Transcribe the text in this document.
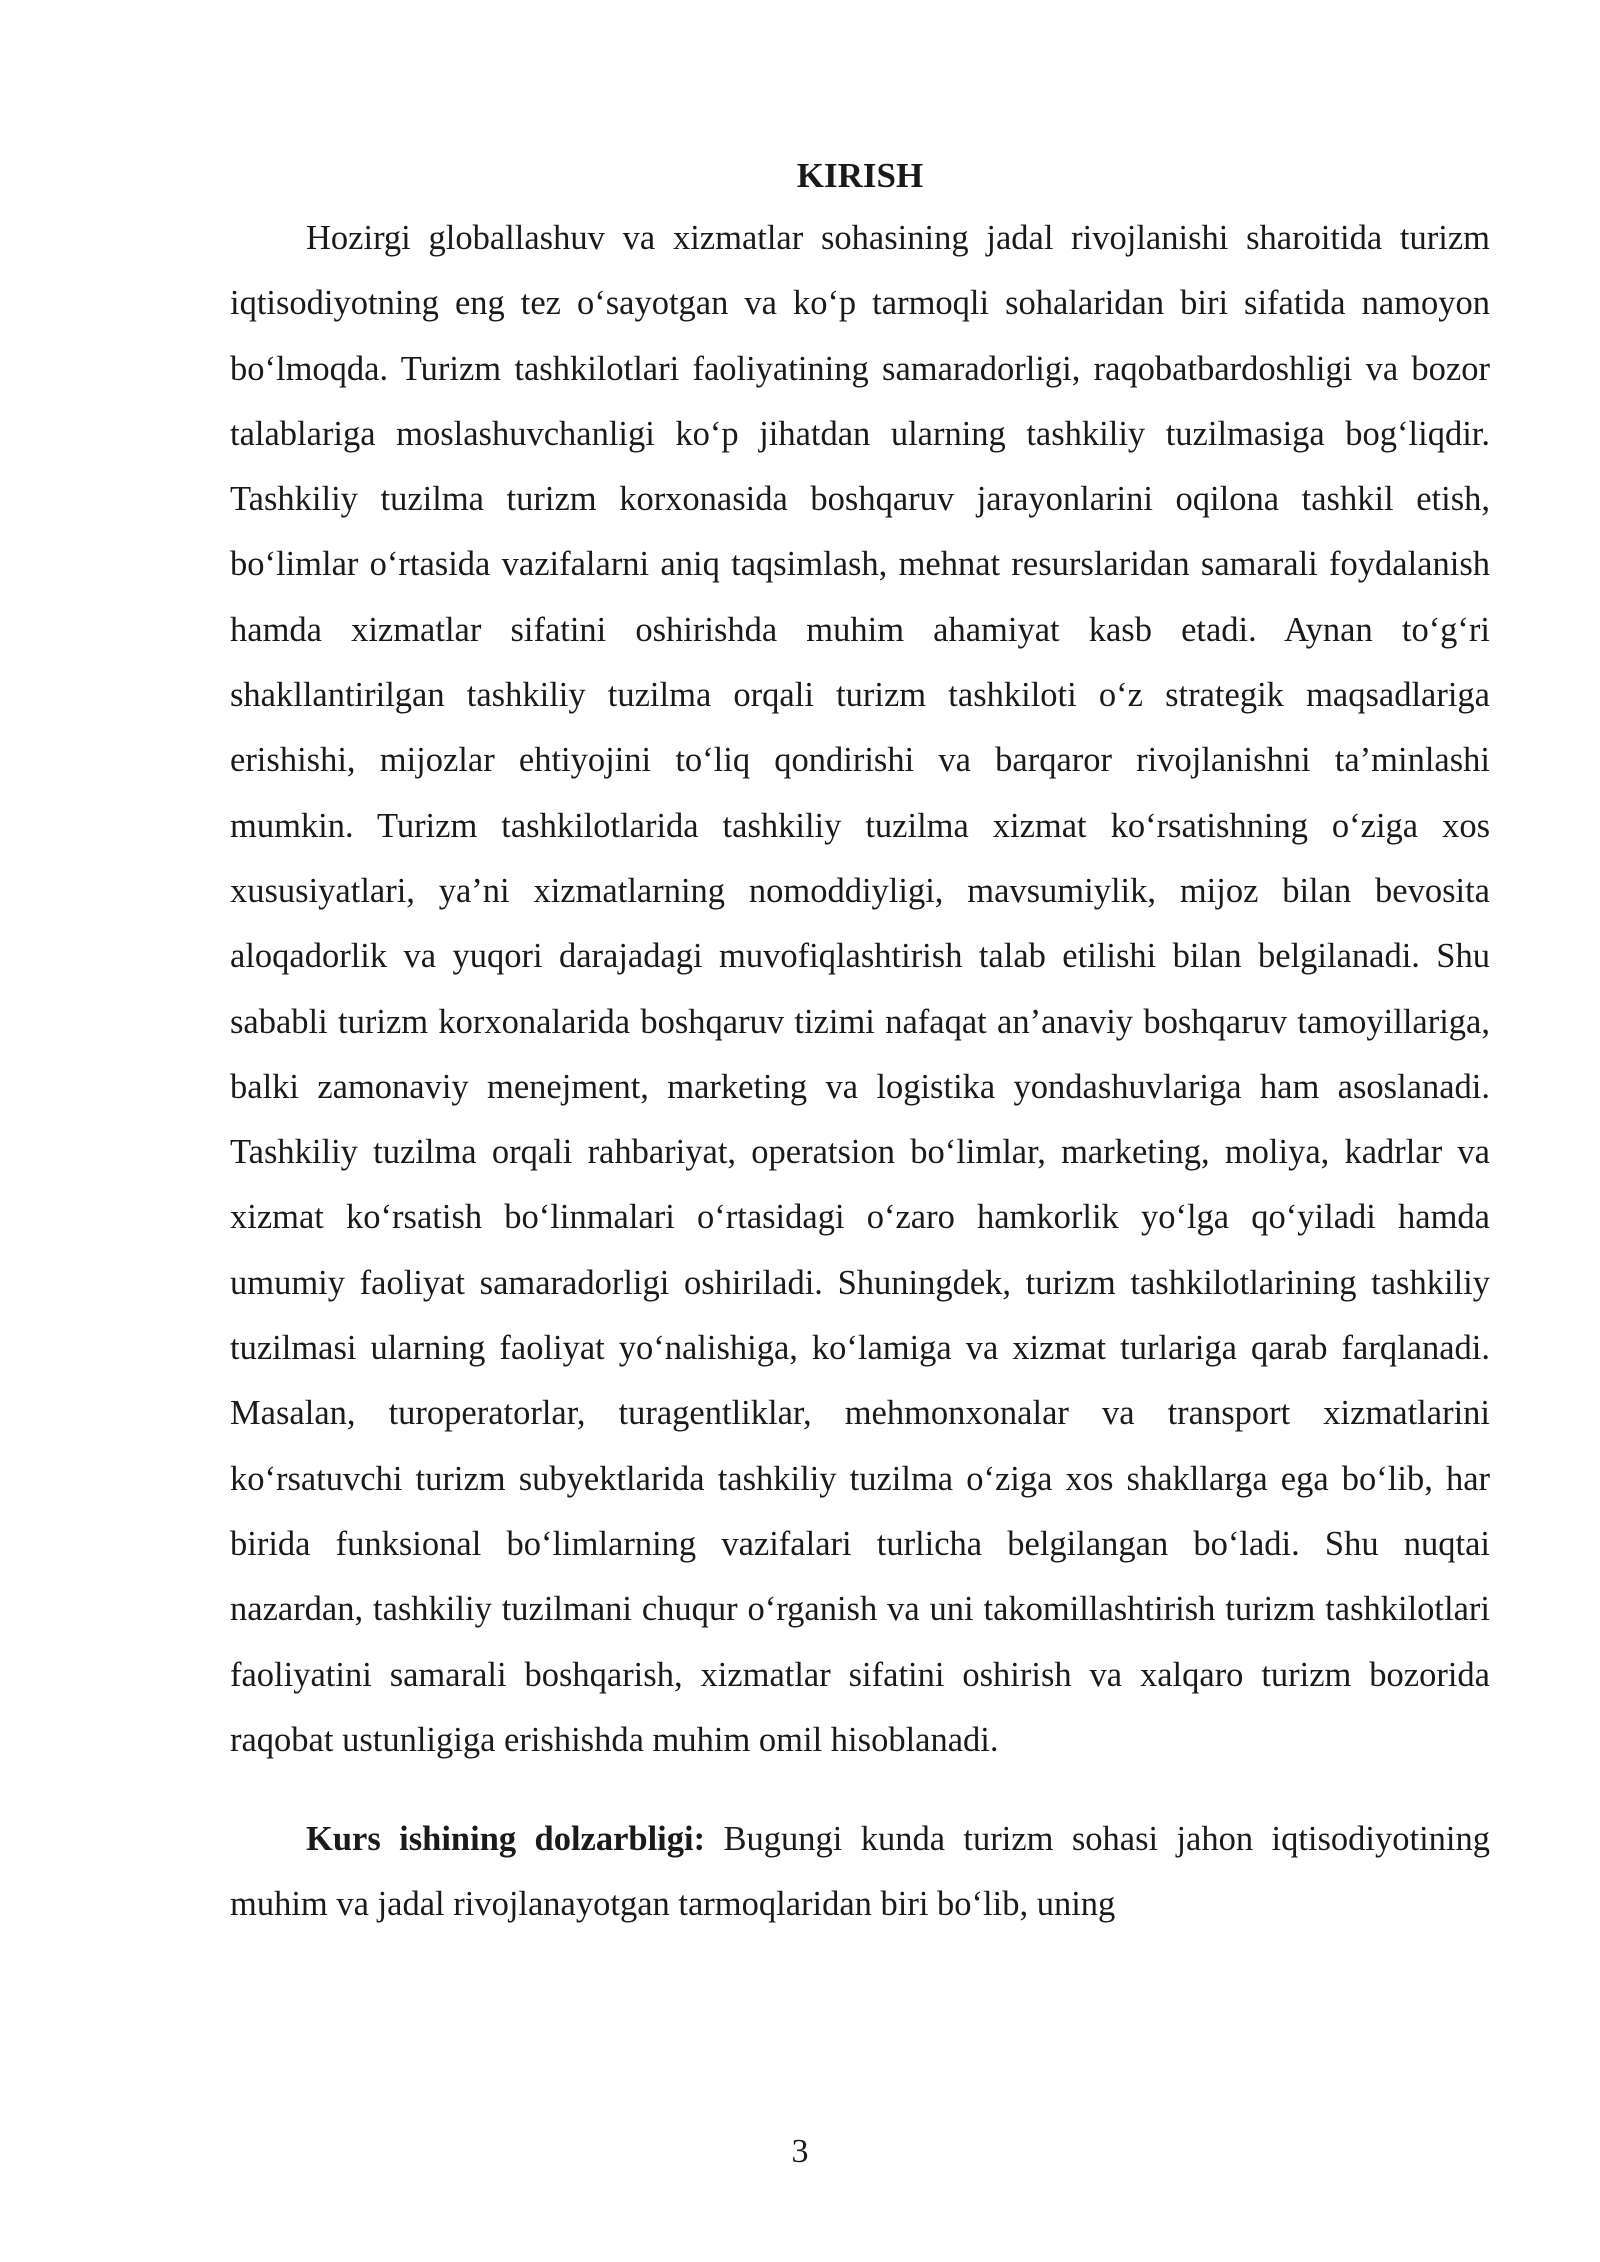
KIRISH

Hozirgi globallashuv va xizmatlar sohasining jadal rivojlanishi sharoitida turizm iqtisodiyotning eng tez o‘sayotgan va ko‘p tarmoqli sohalaridan biri sifatida namoyon bo‘lmoqda. Turizm tashkilotlari faoliyatining samaradorligi, raqobatbardoshligi va bozor talablariga moslashuvchanligi ko‘p jihatdan ularning tashkiliy tuzilmasiga bog‘liqdir. Tashkiliy tuzilma turizm korxonasida boshqaruv jarayonlarini oqilona tashkil etish, bo‘limlar o‘rtasida vazifalarni aniq taqsimlash, mehnat resurslaridan samarali foydalanish hamda xizmatlar sifatini oshirishda muhim ahamiyat kasb etadi. Aynan to‘g‘ri shakllantirilgan tashkiliy tuzilma orqali turizm tashkiloti o‘z strategik maqsadlariga erishishi, mijozlar ehtiyojini to‘liq qondirishi va barqaror rivojlanishni ta’minlashi mumkin. Turizm tashkilotlarida tashkiliy tuzilma xizmat ko‘rsatishning o‘ziga xos xususiyatlari, ya’ni xizmatlarning nomoddiyligi, mavsumiylik, mijoz bilan bevosita aloqadorlik va yuqori darajadagi muvofiqlashtirish talab etilishi bilan belgilanadi. Shu sababli turizm korxonalarida boshqaruv tizimi nafaqat an’anaviy boshqaruv tamoyillariga, balki zamonaviy menejment, marketing va logistika yondashuvlariga ham asoslanadi. Tashkiliy tuzilma orqali rahbariyat, operatsion bo‘limlar, marketing, moliya, kadrlar va xizmat ko‘rsatish bo‘linmalari o‘rtasidagi o‘zaro hamkorlik yo‘lga qo‘yiladi hamda umumiy faoliyat samaradorligi oshiriladi. Shuningdek, turizm tashkilotlarining tashkiliy tuzilmasi ularning faoliyat yo‘nalishiga, ko‘lamiga va xizmat turlariga qarab farqlanadi. Masalan, turoperatorlar, turagentliklar, mehmonxonalar va transport xizmatlarini ko‘rsatuvchi turizm subyektlarida tashkiliy tuzilma o‘ziga xos shakllarga ega bo‘lib, har birida funksional bo‘limlarning vazifalari turlicha belgilangan bo‘ladi. Shu nuqtai nazardan, tashkiliy tuzilmani chuqur o‘rganish va uni takomillashtirish turizm tashkilotlari faoliyatini samarali boshqarish, xizmatlar sifatini oshirish va xalqaro turizm bozorida raqobat ustunligiga erishishda muhim omil hisoblanadi.

Kurs ishining dolzarbligi: Bugungi kunda turizm sohasi jahon iqtisodiyotining muhim va jadal rivojlanayotgan tarmoqlaridan biri bo‘lib, uning

3
